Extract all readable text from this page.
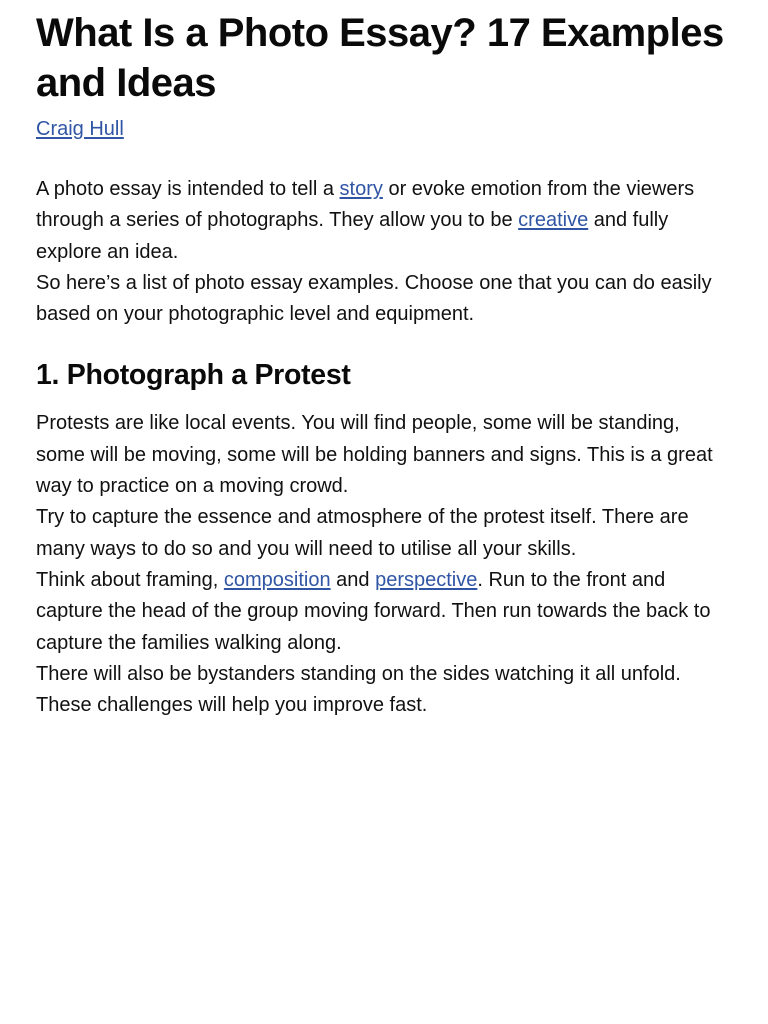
What Is a Photo Essay? 17 Examples and Ideas
Craig Hull

A photo essay is intended to tell a story or evoke emotion from the viewers through a series of photographs. They allow you to be creative and fully explore an idea.

So here’s a list of photo essay examples. Choose one that you can do easily based on your photographic level and equipment.

1. Photograph a Protest

Protests are like local events. You will find people, some will be standing, some will be moving, some will be holding banners and signs. This is a great way to practice on a moving crowd.

Try to capture the essence and atmosphere of the protest itself. There are many ways to do so and you will need to utilise all your skills.

Think about framing, composition and perspective. Run to the front and capture the head of the group moving forward. Then run towards the back to capture the families walking along.

There will also be bystanders standing on the sides watching it all unfold. These challenges will help you improve fast.
